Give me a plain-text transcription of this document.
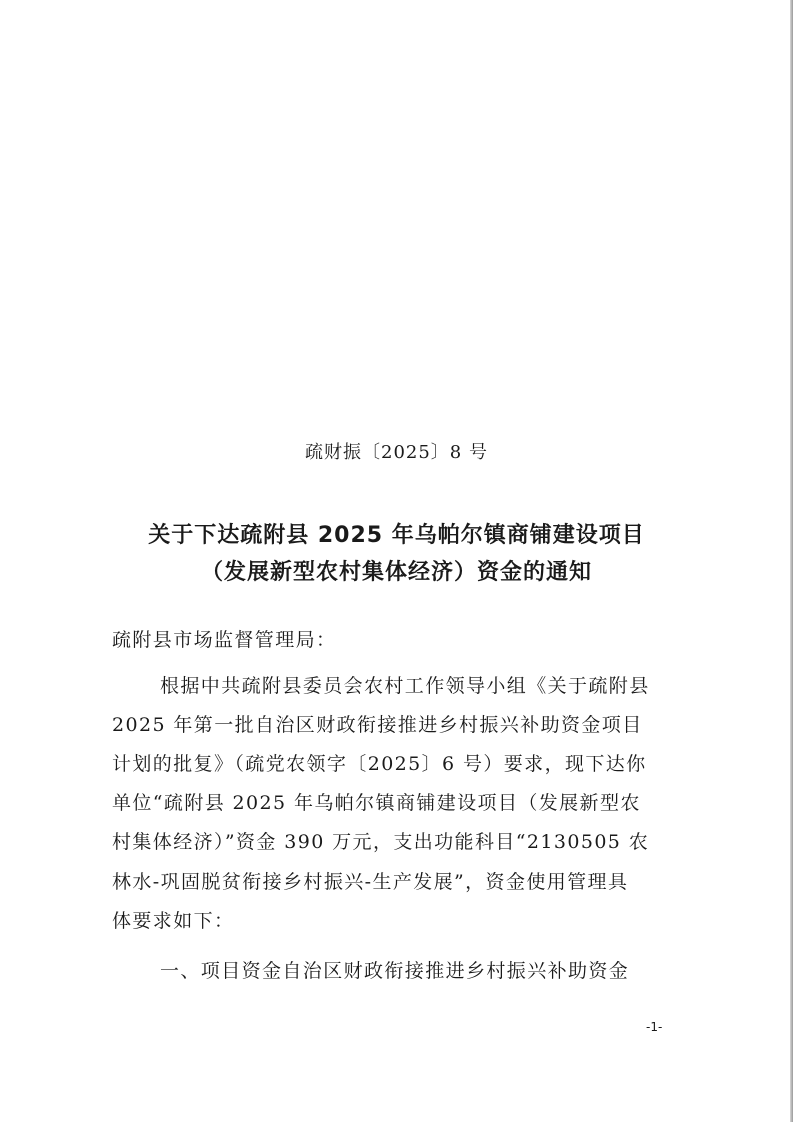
疏财振〔2025〕8 号
关于下达疏附县 2025 年乌帕尔镇商铺建设项目
（发展新型农村集体经济）资金的通知
疏附县市场监督管理局：
根据中共疏附县委员会农村工作领导小组《关于疏附县
2025 年第一批自治区财政衔接推进乡村振兴补助资金项目
计划的批复》（疏党农领字〔2025〕6 号）要求，现下达你
单位“疏附县 2025 年乌帕尔镇商铺建设项目（发展新型农
村集体经济）”资金 390 万元，支出功能科目“2130505 农
林水-巩固脱贫衔接乡村振兴-生产发展”，资金使用管理具
体要求如下：
一、项目资金自治区财政衔接推进乡村振兴补助资金
-1-
